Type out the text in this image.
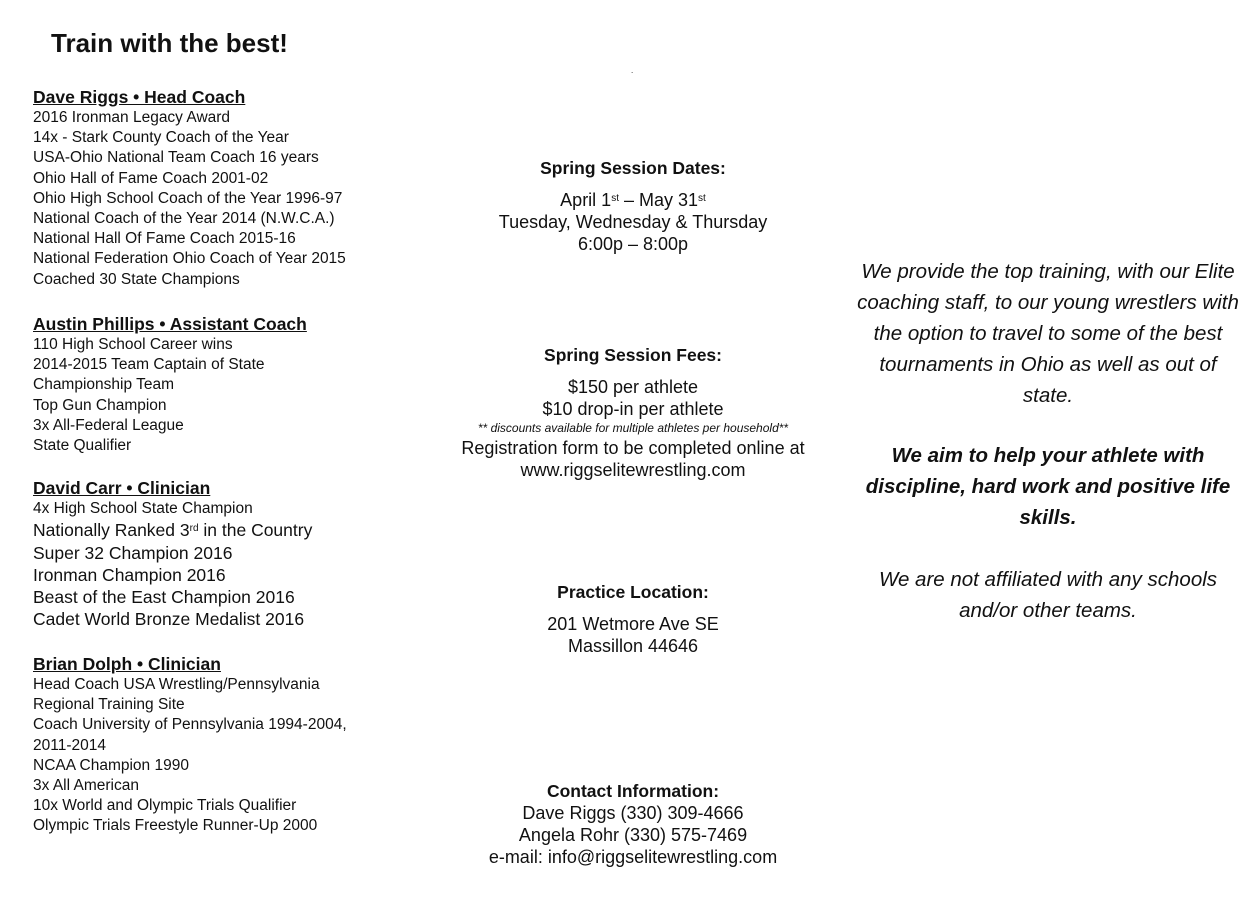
Train with the best!
Dave Riggs • Head Coach
2016 Ironman Legacy Award
14x - Stark County Coach of the Year
USA-Ohio National Team Coach 16 years
Ohio Hall of Fame Coach 2001-02
Ohio High School Coach of the Year 1996-97
National Coach of the Year 2014 (N.W.C.A.)
National Hall Of Fame Coach 2015-16
National Federation Ohio Coach of Year 2015
Coached 30 State Champions
Austin Phillips • Assistant Coach
110 High School Career wins
2014-2015 Team Captain of State
Championship Team
Top Gun Champion
3x All-Federal League
State Qualifier
David Carr • Clinician
4x High School State Champion
Nationally Ranked 3rd in the Country
Super 32 Champion 2016
Ironman Champion 2016
Beast of the East Champion 2016
Cadet World Bronze Medalist 2016
Brian Dolph • Clinician
Head Coach USA Wrestling/Pennsylvania
Regional Training Site
Coach University of Pennsylvania 1994-2004,
2011-2014
NCAA Champion 1990
3x All American
10x World and Olympic Trials Qualifier
Olympic Trials Freestyle Runner-Up 2000
.
Spring Session Dates:
April 1st – May 31st
Tuesday, Wednesday & Thursday
6:00p – 8:00p
Spring Session Fees:
$150 per athlete
$10 drop-in per athlete
** discounts available for multiple athletes per household**
Registration form to be completed online at
www.riggselitewrestling.com
Practice Location:
201 Wetmore Ave SE
Massillon 44646
Contact Information:
Dave Riggs (330) 309-4666
Angela Rohr (330) 575-7469
e-mail: info@riggselitewrestling.com
We provide the top training, with our Elite coaching staff, to our young wrestlers with the option to travel to some of the best tournaments in Ohio as well as out of state.
We aim to help your athlete with discipline, hard work and positive life skills.
We are not affiliated with any schools and/or other teams.
